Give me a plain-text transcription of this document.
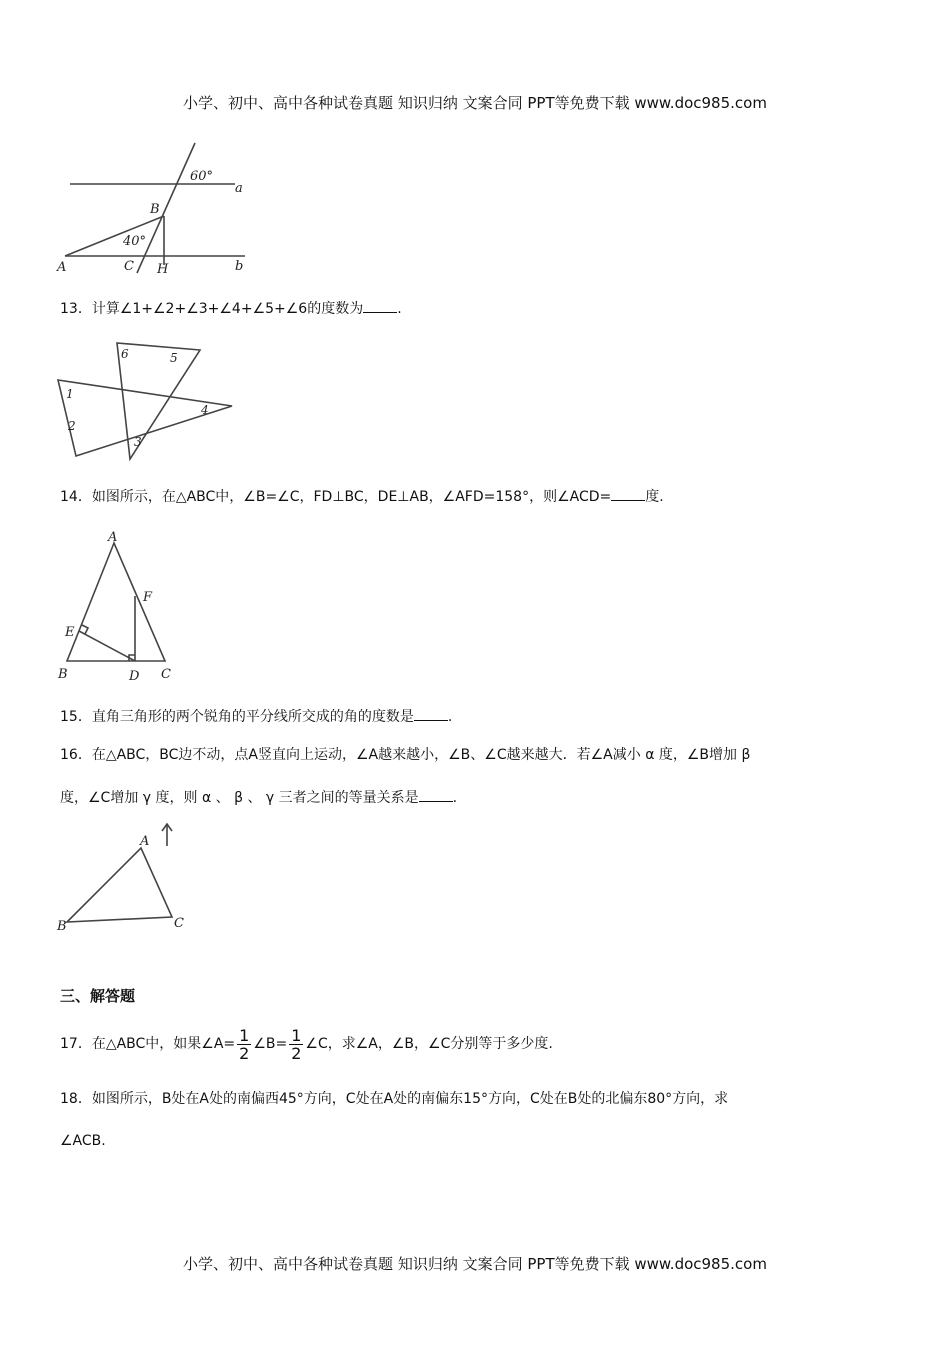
小学、初中、高中各种试卷真题 知识归纳 文案合同 PPT等免费下载 www.doc985.com
60°
a
b
B
40°
A	C H
13．计算∠1+∠2+∠3+∠4+∠5+∠6的度数为 .
6	5
1
2
4
3
14．如图所示，在△ABC中，∠B=∠C，FD⊥BC，DE⊥AB，∠AFD=158°，则∠ACD= 度.
A
F
E
B	D C
15．直角三角形的两个锐角的平分线所交成的角的度数是 .
16．在△ABC，BC边不动，点A竖直向上运动，∠A越来越小，∠B、∠C越来越大．若∠A减小 α 度，∠B增加 β
度，∠C增加 γ 度，则 α 、 β 、 γ 三者之间的等量关系是 .
A
B	C
三、解答题
17．在△ABC中，如果∠A= $\frac{1}{2}$ ∠B= $\frac{1}{2}$ ∠C，求∠A，∠B，∠C分别等于多少度.
18．如图所示，B处在A处的南偏西45°方向，C处在A处的南偏东15°方向，C处在B处的北偏东80°方向，求
∠ACB.
小学、初中、高中各种试卷真题 知识归纳 文案合同 PPT等免费下载 www.doc985.com
